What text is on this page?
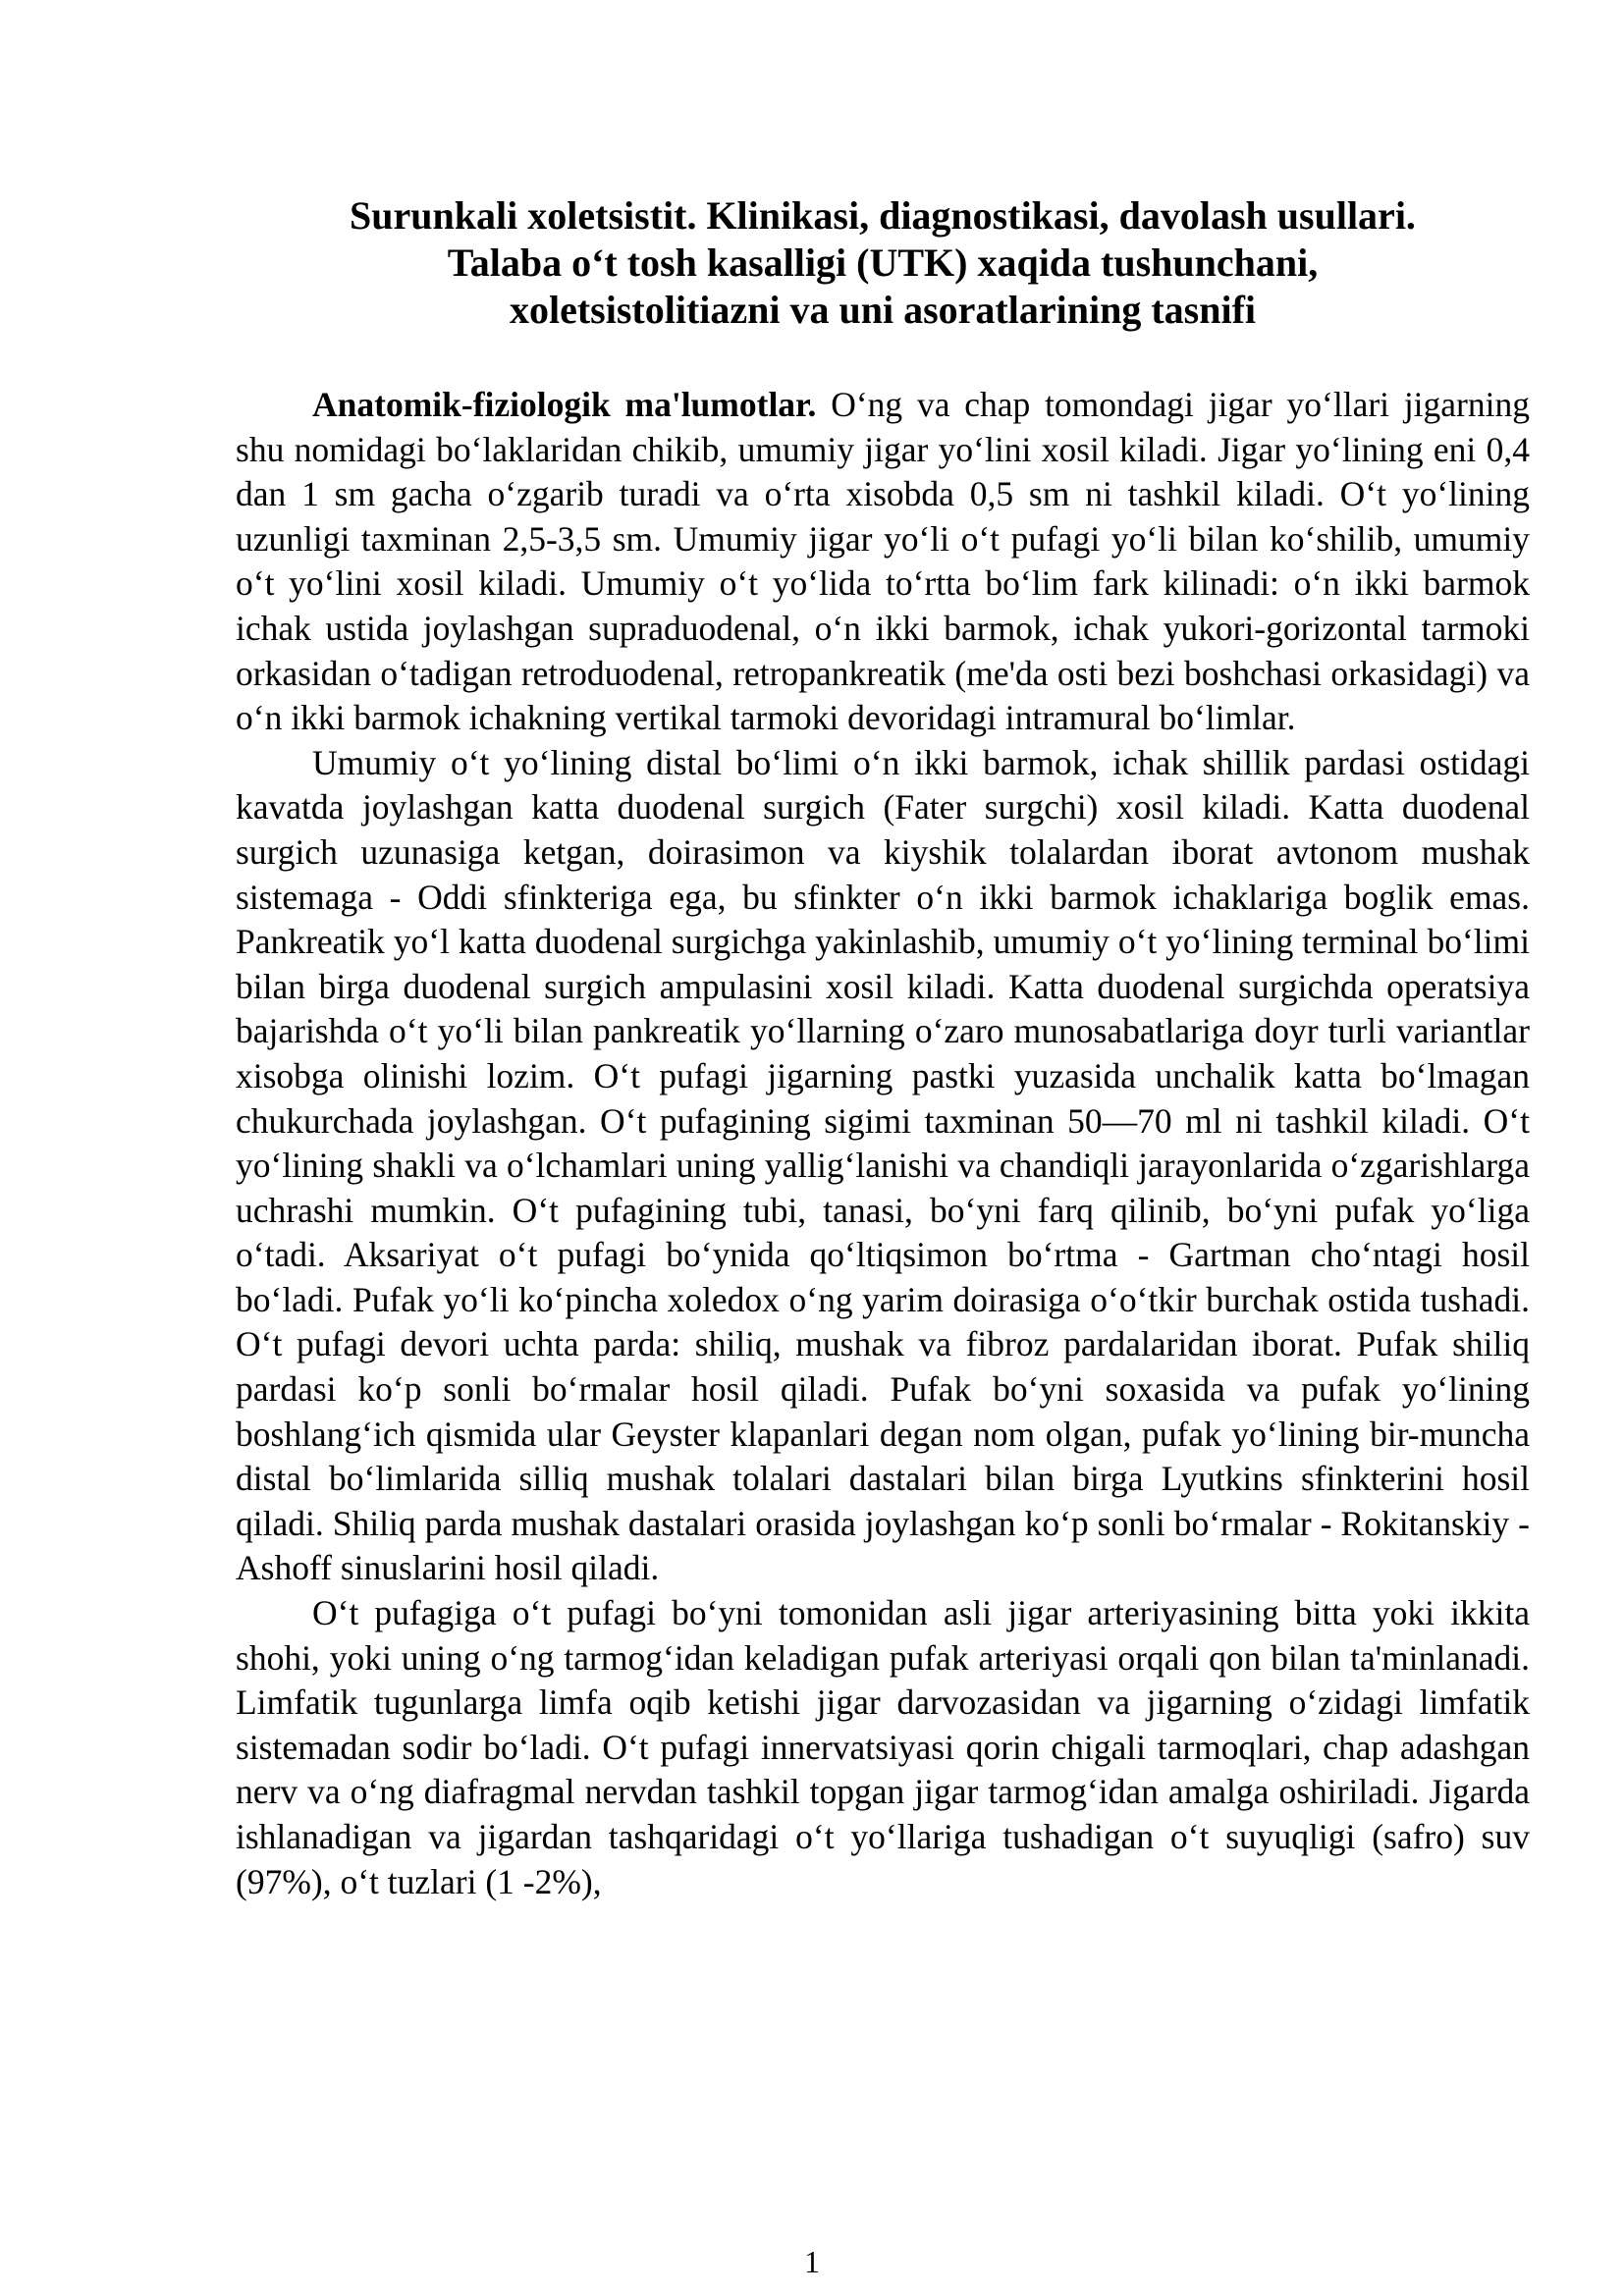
Surunkali xoletsistit. Klinikasi, diagnostikasi, davolash usullari.
Talaba o‘t tosh kasalligi (UTK) xaqida tushunchani,
xoletsistolitiazni va uni asoratlarining tasnifi

Anatomik-fiziologik ma'lumotlar. O‘ng va chap tomondagi jigar yo‘llari jigarning shu nomidagi bo‘laklaridan chikib, umumiy jigar yo‘lini xosil kiladi. Jigar yo‘lining eni 0,4 dan 1 sm gacha o‘zgarib turadi va o‘rta xisobda 0,5 sm ni tashkil kiladi. O‘t yo‘lining uzunligi taxminan 2,5-3,5 sm. Umumiy jigar yo‘li o‘t pufagi yo‘li bilan ko‘shilib, umumiy o‘t yo‘lini xosil kiladi. Umumiy o‘t yo‘lida to‘rtta bo‘lim fark kilinadi: o‘n ikki barmok ichak ustida joylashgan supraduodenal, o‘n ikki barmok, ichak yukori-gorizontal tarmoki orkasidan o‘tadigan retroduodenal, retropankreatik (me'da osti bezi boshchasi orkasidagi) va o‘n ikki barmok ichakning vertikal tarmoki devoridagi intramural bo‘limlar.

Umumiy o‘t yo‘lining distal bo‘limi o‘n ikki barmok, ichak shillik pardasi ostidagi kavatda joylashgan katta duodenal surgich (Fater surgchi) xosil kiladi. Katta duodenal surgich uzunasiga ketgan, doirasimon va kiyshik tolalardan iborat avtonom mushak sistemaga - Oddi sfinkteriga ega, bu sfinkter o‘n ikki barmok ichaklariga boglik emas. Pankreatik yo‘l katta duodenal surgichga yakinlashib, umumiy o‘t yo‘lining terminal bo‘limi bilan birga duodenal surgich ampulasini xosil kiladi. Katta duodenal surgichda operatsiya bajarishda o‘t yo‘li bilan pankreatik yo‘llarning o‘zaro munosabatlariga doyr turli variantlar xisobga olinishi lozim. O‘t pufagi jigarning pastki yuzasida unchalik katta bo‘lmagan chukurchada joylashgan. O‘t pufagining sigimi taxminan 50—70 ml ni tashkil kiladi. O‘t yo‘lining shakli va o‘lchamlari uning yallig‘lanishi va chandiqli jarayonlarida o‘zgarishlarga uchrashi mumkin. O‘t pufagining tubi, tanasi, bo‘yni farq qilinib, bo‘yni pufak yo‘liga o‘tadi. Aksariyat o‘t pufagi bo‘ynida qo‘ltiqsimon bo‘rtma - Gartman cho‘ntagi hosil bo‘ladi. Pufak yo‘li ko‘pincha xoledox o‘ng yarim doirasiga o‘o‘tkir burchak ostida tushadi. O‘t pufagi devori uchta parda: shiliq, mushak va fibroz pardalaridan iborat. Pufak shiliq pardasi ko‘p sonli bo‘rmalar hosil qiladi. Pufak bo‘yni soxasida va pufak yo‘lining boshlang‘ich qismida ular Geyster klapanlari degan nom olgan, pufak yo‘lining bir-muncha distal bo‘limlarida silliq mushak tolalari dastalari bilan birga Lyutkins sfinkterini hosil qiladi. Shiliq parda mushak dastalari orasida joylashgan ko‘p sonli bo‘rmalar - Rokitanskiy - Ashoff sinuslarini hosil qiladi.

O‘t pufagiga o‘t pufagi bo‘yni tomonidan asli jigar arteriyasining bitta yoki ikkita shohi, yoki uning o‘ng tarmog‘idan keladigan pufak arteriyasi orqali qon bilan ta'minlanadi. Limfatik tugunlarga limfa oqib ketishi jigar darvozasidan va jigarning o‘zidagi limfatik sistemadan sodir bo‘ladi. O‘t pufagi innervatsiyasi qorin chigali tarmoqlari, chap adashgan nerv va o‘ng diafragmal nervdan tashkil topgan jigar tarmog‘idan amalga oshiriladi. Jigarda ishlanadigan va jigardan tashqaridagi o‘t yo‘llariga tushadigan o‘t suyuqligi (safro) suv (97%), o‘t tuzlari (1 -2%),

1
